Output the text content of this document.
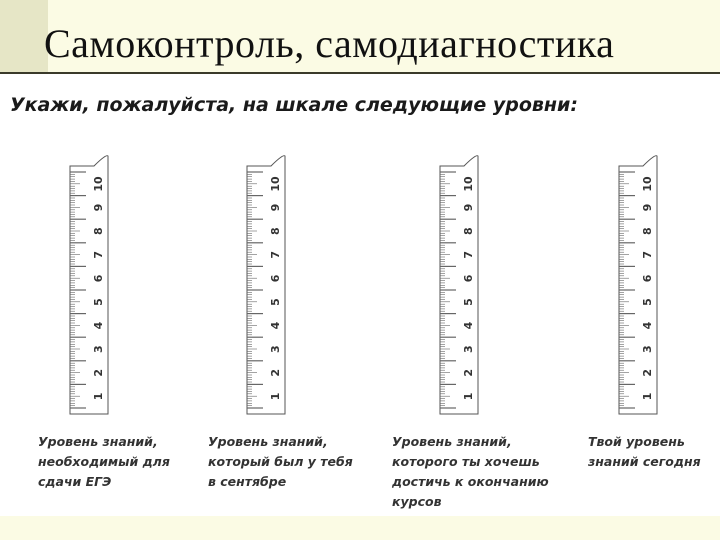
Самоконтроль, самодиагностика
Укажи, пожалуйста, на шкале следующие уровни:
1
2
3
4
5
6
7
8
9
10
Уровень знаний,
необходимый для
сдачи ЕГЭ
1
2
3
4
5
6
7
8
9
10
Уровень знаний,
который был у тебя
в сентябре
1
2
3
4
5
6
7
8
9
10
Уровень знаний,
которого ты хочешь
достичь к окончанию
курсов
1
2
3
4
5
6
7
8
9
10
Твой уровень
знаний сегодня
